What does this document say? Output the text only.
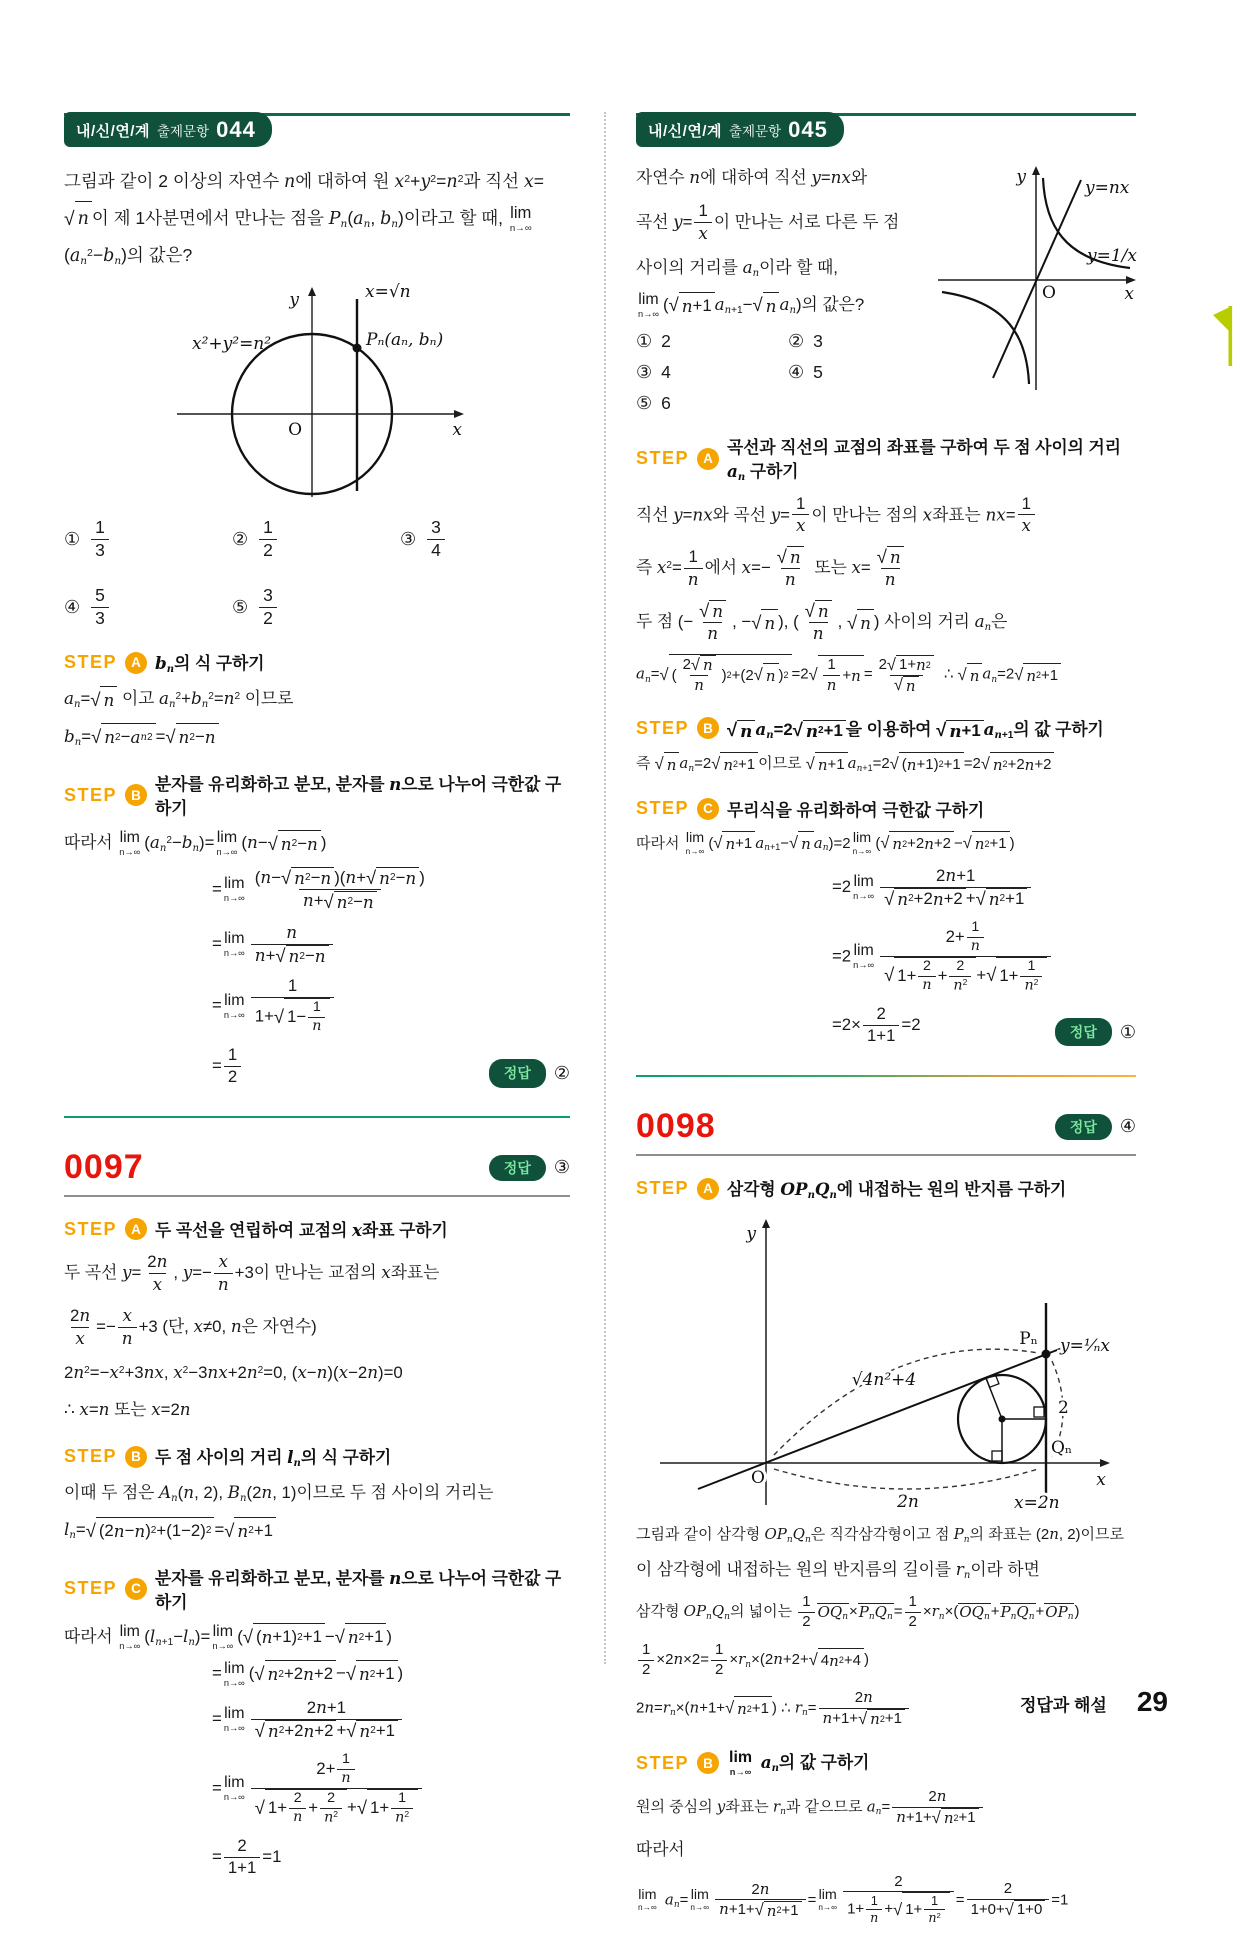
내/신/연/계 출제문항 044

그림과 같이 2 이상의 자연수 n에 대하여 원 $x^2+y^2=n^2$과 직선 x=
√ n 이 제 1사분면에서 만나는 점을 $P_n(a_n$, $b_n$)이라고 할 때, lim
n→∞
$(a_n^2-b_n)$의 값은?

y
x
O
x=√n
x²+y²=n²	Pₙ(aₙ, bₙ)
① $\frac{1}{3}$	② $\frac{1}{2}$	③ $\frac{3}{4}$
④ $\frac{5}{3}$	⑤ $\frac{3}{2}$
STEP	A $b_n$의 식 구하기
$a_n=$ √ n 이고 $a_n^2+b_n^2=n^2$ 이므로
$b_n=$ √ n 2 − a n 2 = √ n 2 − n
STEP	B
분자를 유리화하고 분모, 분자를 n으로 나누어 극한값 구하기
따라서 lim
n→∞ $(a_n^2-b_n)= \lim$
n→∞ (n− √ n 2 − n )
= lim
$n\to\infty \frac{(n- √ n 2 - n )(n+ √ n 2 - n )}{n+ √ n 2 - n}$
= lim
$n\to\infty \frac{n}{n+ √ n 2 - n}$
= lim
n→∞ 1
1+ √ 1− 1
n
= $\frac{1}{2}$	정답	②
0097	정답	③
STEP	A 두 곡선을 연립하여 교점의 x좌표 구하기
두 곡선 $y= \frac{2n}{x}$ , $y=- \frac{x}{n} +3$이 만나는 교점의 x좌표는
$\frac{2n}{x} =- \frac{x}{n} +3$ (단, x≠0, n은 자연수)
$2n^2=-x^2+3nx$, $x^2-3nx+2n^2=0$, (x−n)(x−2n)=0
∴ x=n 또는 x=2n
STEP	B 두 점 사이의 거리 $l_n$의 식 구하기
이때 두 점은 $A_n(n$, 2), $B_n(2n$, 1)이므로 두 점 사이의 거리는
$l_n=$ √ (2 n − n ) 2 +(1−2) 2 = √ n 2 +1
STEP	C
분자를 유리화하고 분모, 분자를 n으로 나누어 극한값 구하기
따라서 lim
n→∞ $(l_{n+1}-l_n)= \lim$
n→∞ ( √ ( n +1) 2 +1 − √ n 2 +1 )
= lim
n→∞ ( √ n 2 +2 n +2 − √ n 2 +1 )
= lim
$n\to\infty \frac{2n+1}{√ n 2 +2 n +2 + √ n 2 +1}$
= lim
n→∞ $2+ \frac{1}{n}$
√ 1+ 2
n + 2
$n^2$ + √ 1+ 1
$n^2$
= $\frac{2}{1+1} =1$
내/신/연/계 출제문항 045
y
x
O
y=nx
y=1/x
자연수 n에 대하여 직선 y=nx와
곡선 $y= \frac{1}{x}$ 이 만나는 서로 다른 두 점
사이의 거리를 $a_n$이라 할 때,
lim
n→∞ ( √ n +1 $a_{n+1}-$ √ n $a_n$)의 값은?
① 2	② 3
③ 4	④ 5
⑤ 6
STEP	A
곡선과 직선의 교점의 좌표를 구하여 두 점 사이의 거리 $a_n$ 구하기
직선 y=nx와 곡선 $y= \frac{1}{x}$ 이 만나는 점의 x좌표는 $nx= \frac{1}{x}$
즉 $x^2= \frac{1}{n}$ 에서 $x=- \frac{√ n}{n}$ 또는 $x= \frac{√ n}{n}$
두 점 (− $\frac{√ n}{n}$ , − √ n ), ( $\frac{√ n}{n}$ , √ n ) 사이의 거리 $a_n$은
$a_n=$ √ (
2 √ n
n
) 2 +(2 √ n ) 2 =2 √
1
n
+ $n = \frac{2 √ 1+ n 2}{√ n}$ ∴ √ n $a_n=2$ √ n 2 +1
STEP	B √ n $a_n=2$ √ n 2 +1 을 이용하여 √ n +1 $a_{n+1}$의 값 구하기
즉 √ n $a_n=2$ √ n 2 +1 이므로 √ n +1 $a_{n+1}=2$ √ ( n +1) 2 +1 =2 √ n 2 +2 n +2
STEP	C 무리식을 유리화하여 극한값 구하기
따라서 lim
n→∞ ( √ n +1 $a_{n+1}-$ √ n $a_n)=2$ lim
n→∞ ( √ n 2 +2 n +2 − √ n 2 +1 )
=2 lim
$n\to\infty \frac{2n+1}{√ n 2 +2 n +2 + √ n 2 +1}$
=2 lim
n→∞ $2+ \frac{1}{n}$
√ 1+ 2
n + 2
$n^2$ + √ 1+ 1
$n^2$
$=2\times \frac{2}{1+1} =2$	정답	①
0098	정답	④
STEP	A 삼각형 $OP_nQ_n$에 내접하는 원의 반지름 구하기
y
x
O
Pₙ y=¹⁄ₙx
√4n²+4
2
Qₙ
2n	x=2n
그림과 같이 삼각형 $OP_nQ_n$은 직각삼각형이고 점 $P_n$의 좌표는 (2n, 2)이므로
이 삼각형에 내접하는 원의 반지름의 길이를 $r_n$이라 하면
삼각형 $OP_nQ_n$의 넓이는 $\frac{1}{2} OQ_n\times P_nQ_n= \frac{1}{2} \times r_n\times(OQ_n+P_nQ_n+OP_n)$
$\frac{1}{2} \times 2n\times 2= \frac{1}{2} \times r_n\times(2n+2+$ √ 4 n 2 +4 )
$2n=r_n\times(n+1+$ √ n 2 +1 ) ∴ $r_n= \frac{2n}{n+1+ √ n 2 +1}$
STEP	B	lim
n→∞ $a_n$의 값 구하기
원의 중심의 y좌표는 $r_n$과 같으므로 $a_n= \frac{2n}{n+1+ √ n 2 +1}$
따라서
lim
n→∞ $a_n= \lim$
$n\to\infty \frac{2n}{n+1+ √ n 2 +1} = \lim$
n→∞ 2
$1+ \frac{1}{n}$ + √ 1+
1
$n^2 = \frac{2}{1+0+ √ 1+0} =1$
정답과 해설 29
